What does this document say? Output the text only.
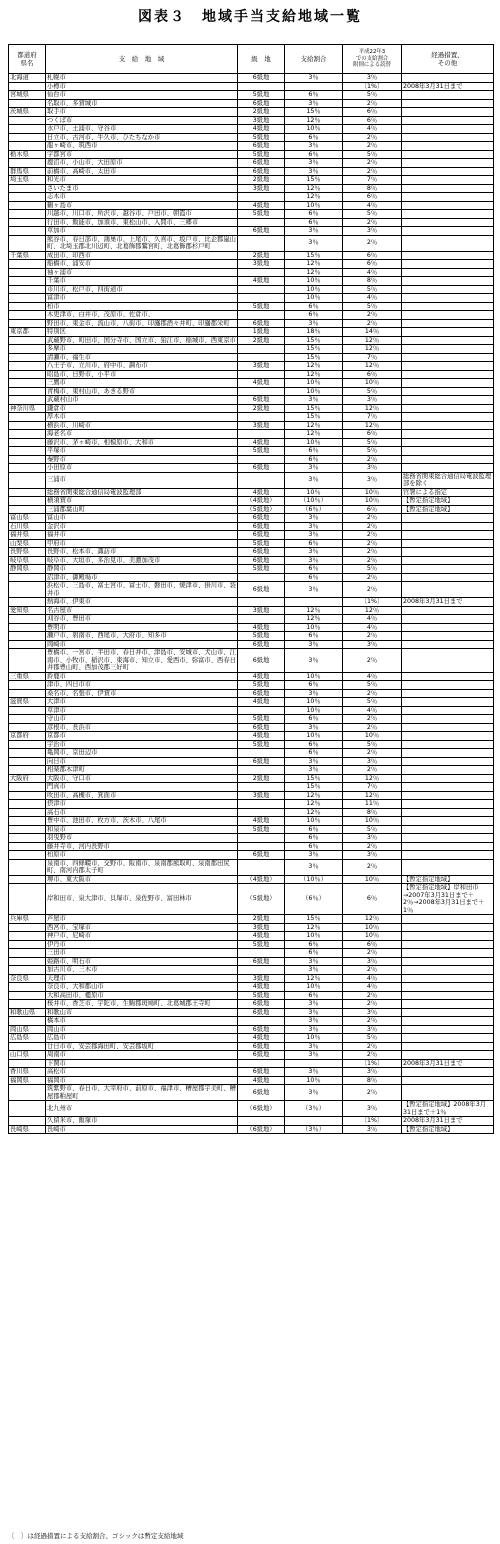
図表３　地域手当支給地域一覧
都道府
県名	支　給　地　域	級　地	支給割合	平成22年3
での支給割合
附則による読替	経過措置、
その他
北海道	札幌市	6級地	3％	3％	
	小樽市			〔1%〕	2008年3月31日まで
宮城県	仙台市	5級地	6％	5％	
	名取市、多賀城市	6級地	3％	2％	
茨城県	取手市	2級地	15％	6％	
	つくば市	3級地	12％	6％	
	水戸市、土浦市、守谷市	4級地	10％	4％	
	日立市、古河市、牛久市、ひたちなか市	5級地	6％	2％	
	龍ヶ崎市、筑西市	6級地	3％	2％	
栃木県	宇都宮市	5級地	6％	5％	
	鹿沼市、小山市、大田原市	6級地	3％	2％	
群馬県	前橋市、高崎市、太田市	6級地	3％	2％	
埼玉県	和光市	2級地	15％	7％	
	さいたま市	3級地	12％	8％	
	志木市		12％	6％	
	鶴ヶ島市	4級地	10％	4％	
	川越市、川口市、所沢市、越谷市、戸田市、朝霞市	5級地	6％	5％	
	行田市、飯能市、加須市、東松山市、入間市、三郷市		6％	2％	
	草加市	6級地	3％	3％	
	熊谷市、春日部市、鴻巣市、上尾市、久喜市、坂戸市、比企郡嵐山町、北埼玉郡北川辺町、北葛飾郡鷲宮町、北葛飾郡杉戸町		3％	2％	
千葉県	成田市、印西市	2級地	15％	6％	
	船橋市、浦安市	3級地	12％	6％	
	袖ヶ浦市		12％	4％	
	千葉市	4級地	10％	8％	
	市川市、松戸市、四街道市		10％	5％	
	富津市		10％	4％	
	柏市	5級地	6％	5％	
	木更津市、白井市、茂原市、佐倉市、		6％	2％	
	野田市、東金市、流山市、八街市、印旛郡酒々井町、印旛郡栄町	6級地	3％	2％	
東京都	特別区	1級地	18％	14％	
	武蔵野市、町田市、国分寺市、国立市、狛江市、稲城市、西東京市	2級地	15％	12％	
	多摩市		15％	12％	
	清瀬市、福生市		15％	7％	
	八王子市、立川市、府中市、調布市	3級地	12％	12％	
	昭島市、日野市、小平市		12％	6％	
	三鷹市	4級地	10％	10％	
	青梅市、東村山市、あきる野市		10％	5％	
	武蔵村山市	6級地	3％	3％	
神奈川県	鎌倉市	2級地	15％	12％	
	厚木市		15％	7％	
	横浜市、川崎市	3級地	12％	12％	
	海老名市		12％	6％	
	藤沢市、茅ヶ崎市、相模原市、大和市	4級地	10％	5％	
	平塚市	5級地	6％	5％	
	秦野市		6％	2％	
	小田原市	6級地	3％	3％	
	三浦市		3％	3％	総務省関東総合通信局電波監理部を除く
	総務省関東総合通信局電波監理部	4級地	10％	10％	官署による指定
	横須賀市	（4級地）	（10％）	10％	【暫定指定地域】
	三浦郡葉山町	（5級地）	（6％）	6％	【暫定指定地域】
富山県	富山市	6級地	3％	2％	
石川県	金沢市	6級地	3％	2％	
福井県	福井市	6級地	3％	2％	
山梨県	甲府市	5級地	6％	2％	
長野県	長野市、松本市、諏訪市	6級地	3％	2％	
岐阜県	岐阜市、大垣市、多治見市、美濃加茂市	6級地	3％	2％	
静岡県	静岡市	5級地	6％	5％	
	沼津市、御殿場市		6％	2％	
	浜松市、三島市、富士宮市、富士市、磐田市、焼津市、掛川市、袋井市	6級地	3％	2％	
	熱海市、伊東市			〔1%〕	2008年3月31日まで
愛知県	名古屋市	3級地	12％	12％	
	刈谷市、豊田市		12％	4％	
	豊明市	4級地	10％	4％	
	瀬戸市、碧南市、西尾市、大府市、知多市	5級地	6％	2％	
	岡崎市	6級地	3％	3％	
	豊橋市、一宮市、半田市、春日井市、津島市、安城市、犬山市、江南市、小牧市、稲沢市、東海市、知立市、愛西市、弥富市、西春日井郡豊山町、西加茂郡三好町	6級地	3％	2％	
三重県	鈴鹿市	4級地	10％	4％	
	津市、四日市市	5級地	6％	5％	
	桑名市、名張市、伊賀市	6級地	3％	2％	
滋賀県	大津市	4級地	10％	5％	
	草津市		10％	4％	
	守山市	5級地	6％	2％	
	彦根市、長浜市	6級地	3％	2％	
京都府	京都市	4級地	10％	10％	
	宇治市	5級地	6％	5％	
	亀岡市、京田辺市		6％	2％	
	向日市	6級地	3％	3％	
	相楽郡木津町		3％	2％	
大阪府	大阪市、守口市	2級地	15％	12％	
	門真市		15％	7％	
	吹田市、高槻市、箕面市	3級地	12％	12％	
	摂津市		12％	11％	
	高石市		12％	8％	
	豊中市、池田市、枚方市、茨木市、八尾市	4級地	10％	10％	
	和泉市	5級地	6％	5％	
	羽曳野市		6％	3％	
	藤井寺市、河内長野市		6％	2％	
	柏原市	6級地	3％	3％	
	泉南市、四條畷市、交野市、阪南市、泉南郡熊取町、泉南郡田尻町、南河内郡太子町		3％	2％	
	堺市、東大阪市	（4級地）	（10％）	10％	【暫定指定地域】
	岸和田市、泉大津市、貝塚市、泉佐野市、富田林市	（5級地）	（6％）	6％	【暫定指定地域】岸和田市→2007年3月31日まで＋2％→2008年3月31日まで＋1％
兵庫県	芦屋市	2級地	15％	12％	
	西宮市、宝塚市	3級地	12％	10％	
	神戸市、尼崎市	4級地	10％	10％	
	伊丹市	5級地	6％	6％	
	三田市		6％	2％	
	姫路市、明石市	6級地	3％	3％	
	加古川市、三木市		3％	2％	
奈良県	天理市	3級地	12％	4％	
	奈良市、大和郡山市	4級地	10％	4％	
	大和高田市、橿原市	5級地	6％	2％	
	桜井市、香芝市、宇陀市、生駒郡斑鳩町、北葛城郡王寺町	6級地	3％	2％	
和歌山県	和歌山市	6級地	3％	3％	
	橋本市		3％	2％	
岡山県	岡山市	6級地	3％	3％	
広島県	広島市	4級地	10％	5％	
	廿日市市、安芸郡海田町、安芸郡坂町	6級地	3％	2％	
山口県	周南市	6級地	3％	2％	
	下関市			〔1%〕	2008年3月31日まで
香川県	高松市	6級地	3％	3％	
福岡県	福岡市	4級地	10％	8％	
	筑紫野市、春日市、大宰府市、前原市、福津市、糟屋郡宇美町、糟屋郡粕屋町	6級地	3％	2％	
	北九州市	（6級地）	（3％）	3％	【暫定指定地域】2008年3月31日まで＋1％
	久留米市、飯塚市			〔1%〕	2008年3月31日まで
長崎県	長崎市	（6級地）	（3％）	3％	【暫定指定地域】
〔　〕は経過措置による支給割合、ゴシックは暫定支給地域
